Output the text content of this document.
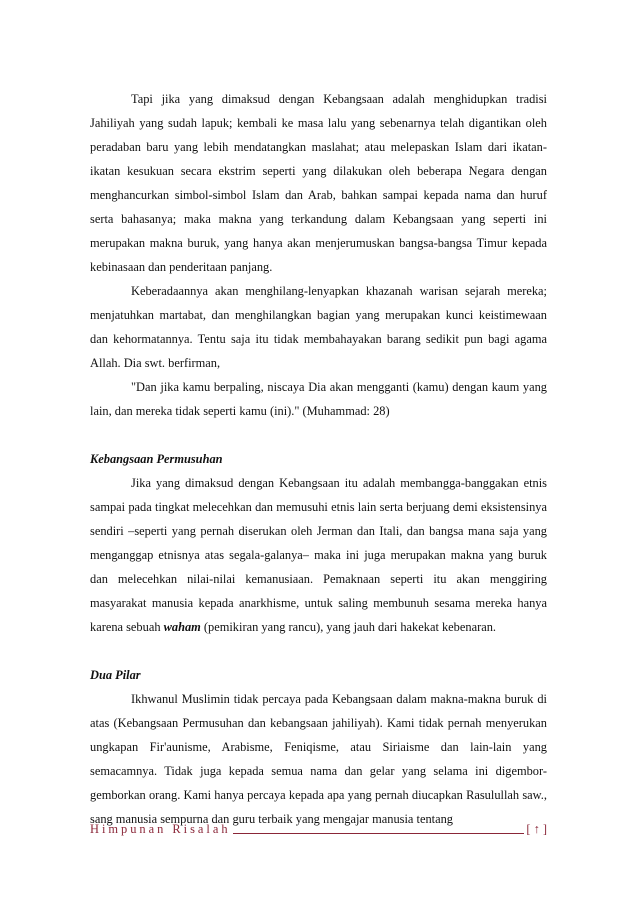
Tapi jika yang dimaksud dengan Kebangsaan adalah menghidupkan tradisi Jahiliyah yang sudah lapuk; kembali ke masa lalu yang sebenarnya telah digantikan oleh peradaban baru yang lebih mendatangkan maslahat; atau melepaskan Islam dari ikatan-ikatan kesukuan secara ekstrim seperti yang dilakukan oleh beberapa Negara dengan menghancurkan simbol-simbol Islam dan Arab, bahkan sampai kepada nama dan huruf serta bahasanya; maka makna yang terkandung dalam Kebangsaan yang seperti ini merupakan makna buruk, yang hanya akan menjerumuskan bangsa-bangsa Timur kepada kebinasaan dan penderitaan panjang.

Keberadaannya akan menghilang-lenyapkan khazanah warisan sejarah mereka; menjatuhkan martabat, dan menghilangkan bagian yang merupakan kunci keistimewaan dan kehormatannya. Tentu saja itu tidak membahayakan barang sedikit pun bagi agama Allah. Dia swt. berfirman,

"Dan jika kamu berpaling, niscaya Dia akan mengganti (kamu) dengan kaum yang lain, dan mereka tidak seperti kamu (ini)." (Muhammad: 28)

Kebangsaan Permusuhan

Jika yang dimaksud dengan Kebangsaan itu adalah membangga-banggakan etnis sampai pada tingkat melecehkan dan memusuhi etnis lain serta berjuang demi eksistensinya sendiri –seperti yang pernah diserukan oleh Jerman dan Itali, dan bangsa mana saja yang menganggap etnisnya atas segala-galanya– maka ini juga merupakan makna yang buruk dan melecehkan nilai-nilai kemanusiaan. Pemaknaan seperti itu akan menggiring masyarakat manusia kepada anarkhisme, untuk saling membunuh sesama mereka hanya karena sebuah waham (pemikiran yang rancu), yang jauh dari hakekat kebenaran.

Dua Pilar

Ikhwanul Muslimin tidak percaya pada Kebangsaan dalam makna-makna buruk di atas (Kebangsaan Permusuhan dan kebangsaan jahiliyah). Kami tidak pernah menyerukan ungkapan Fir'aunisme, Arabisme, Feniqisme, atau Siriaisme dan lain-lain yang semacamnya. Tidak juga kepada semua nama dan gelar yang selama ini digembor-gemborkan orang. Kami hanya percaya kepada apa yang pernah diucapkan Rasulullah saw., sang manusia sempurna dan guru terbaik yang mengajar manusia tentang

Himpunan Risalah	[ ↑ ]
